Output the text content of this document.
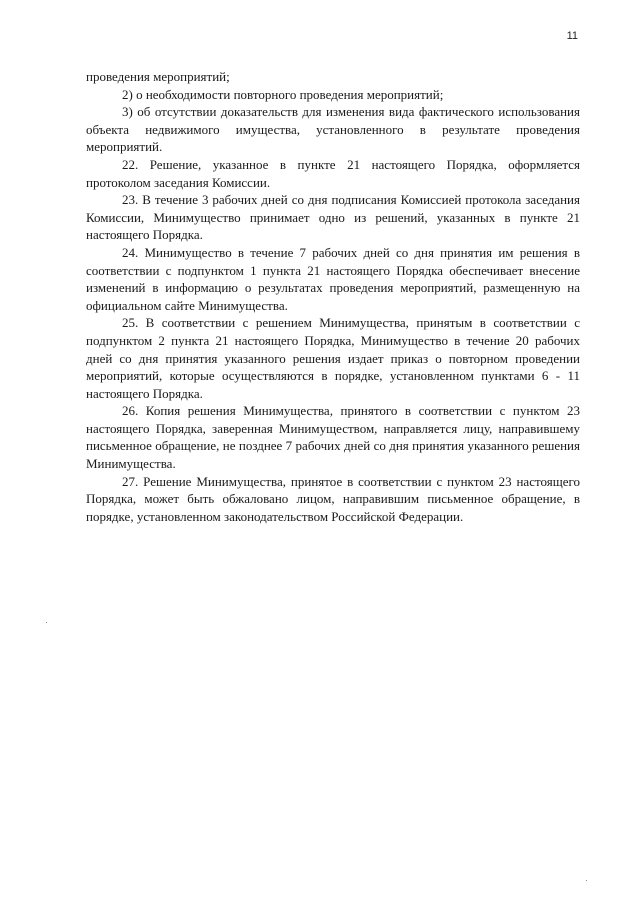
11

проведения мероприятий;

2) о необходимости повторного проведения мероприятий;

3) об отсутствии доказательств для изменения вида фактического использования объекта недвижимого имущества, установленного в результате проведения мероприятий.

22. Решение, указанное в пункте 21 настоящего Порядка, оформляется протоколом заседания Комиссии.

23. В течение 3 рабочих дней со дня подписания Комиссией протокола заседания Комиссии, Минимущество принимает одно из решений, указанных в пункте 21 настоящего Порядка.

24. Минимущество в течение 7 рабочих дней со дня принятия им решения в соответствии с подпунктом 1 пункта 21 настоящего Порядка обеспечивает внесение изменений в информацию о результатах проведения мероприятий, размещенную на официальном сайте Минимущества.

25. В соответствии с решением Минимущества, принятым в соответствии с подпунктом 2 пункта 21 настоящего Порядка, Минимущество в течение 20 рабочих дней со дня принятия указанного решения издает приказ о повторном проведении мероприятий, которые осуществляются в порядке, установленном пунктами 6 - 11 настоящего Порядка.

26. Копия решения Минимущества, принятого в соответствии с пунктом 23 настоящего Порядка, заверенная Минимуществом, направляется лицу, направившему письменное обращение, не позднее 7 рабочих дней со дня принятия указанного решения Минимущества.

27. Решение Минимущества, принятое в соответствии с пунктом 23 настоящего Порядка, может быть обжаловано лицом, направившим письменное обращение, в порядке, установленном законодательством Российской Федерации.
